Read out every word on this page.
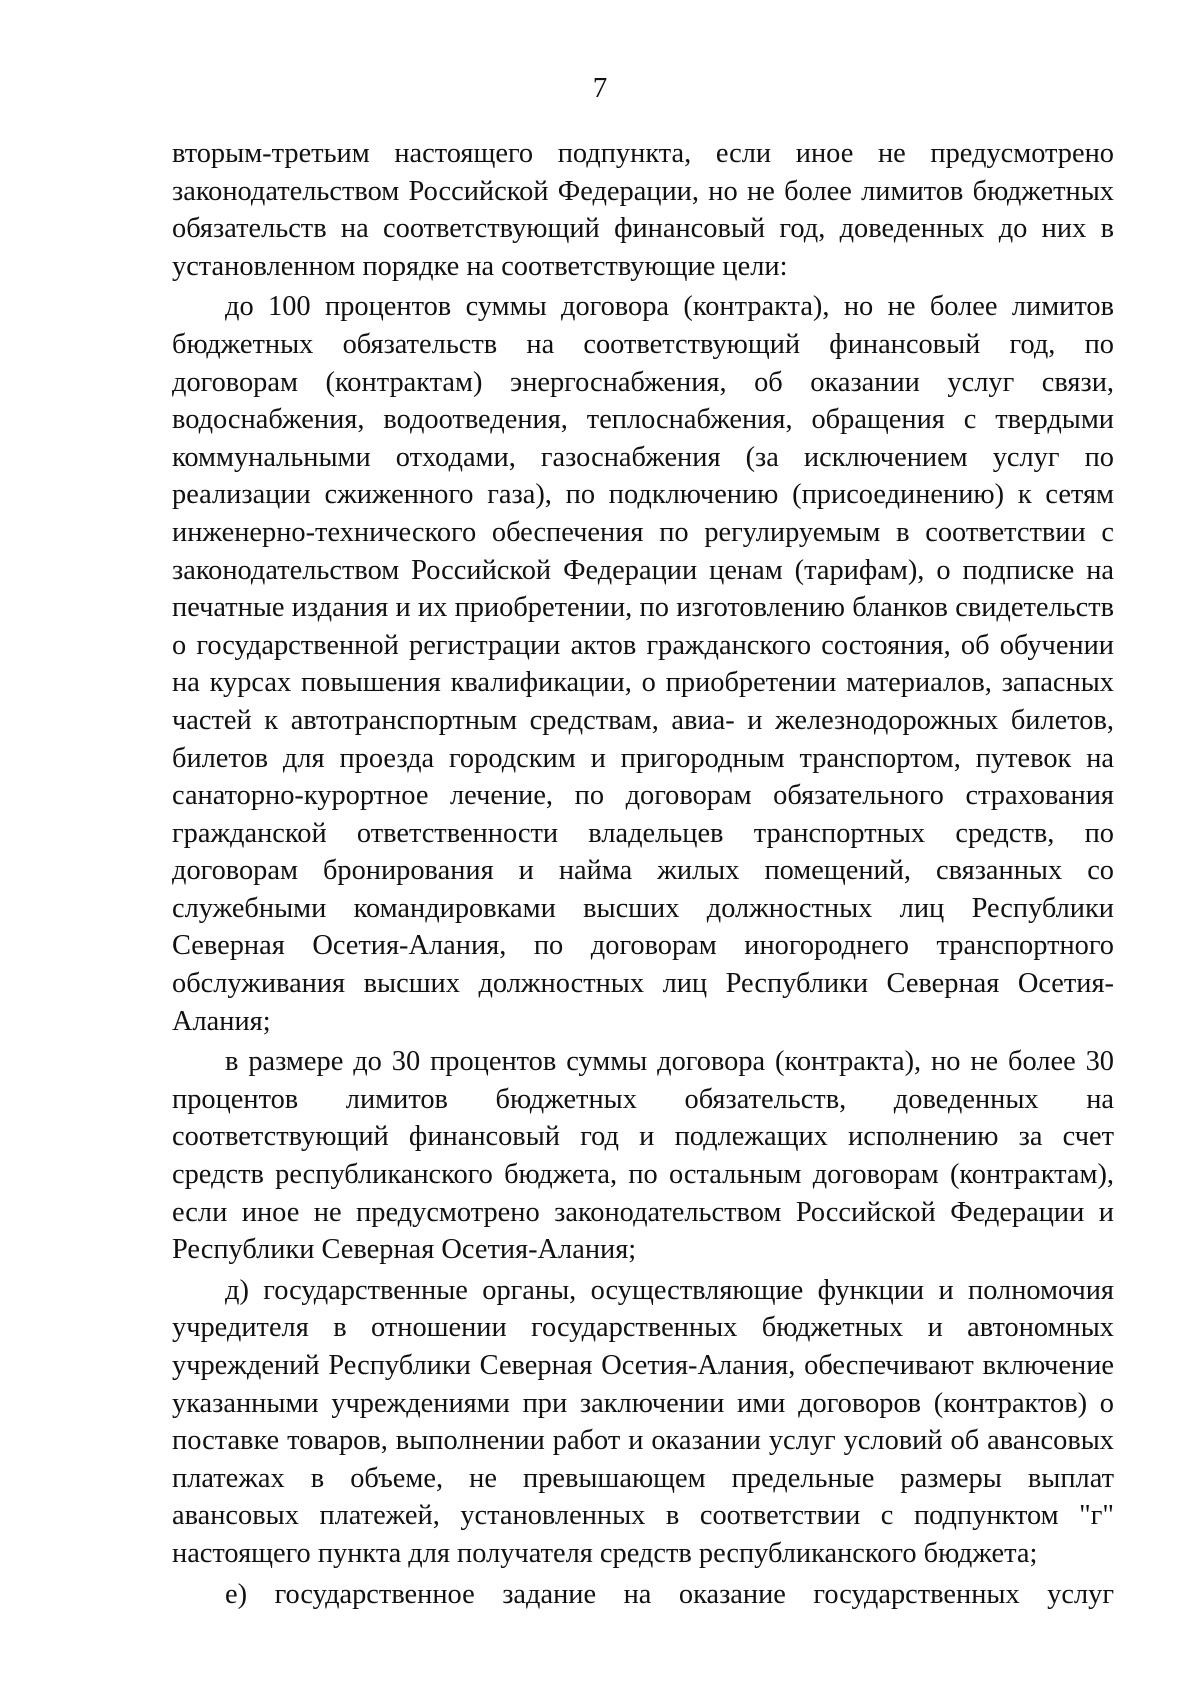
7

вторым-третьим настоящего подпункта, если иное не предусмотрено законодательством Российской Федерации, но не более лимитов бюджетных обязательств на соответствующий финансовый год, доведенных до них в установленном порядке на соответствующие цели:

до 100 процентов суммы договора (контракта), но не более лимитов бюджетных обязательств на соответствующий финансовый год, по договорам (контрактам) энергоснабжения, об оказании услуг связи, водоснабжения, водоотведения, теплоснабжения, обращения с твердыми коммунальными отходами, газоснабжения (за исключением услуг по реализации сжиженного газа), по подключению (присоединению) к сетям инженерно-технического обеспечения по регулируемым в соответствии с законодательством Российской Федерации ценам (тарифам), о подписке на печатные издания и их приобретении, по изготовлению бланков свидетельств о государственной регистрации актов гражданского состояния, об обучении на курсах повышения квалификации, о приобретении материалов, запасных частей к автотранспортным средствам, авиа- и железнодорожных билетов, билетов для проезда городским и пригородным транспортом, путевок на санаторно-курортное лечение, по договорам обязательного страхования гражданской ответственности владельцев транспортных средств, по договорам бронирования и найма жилых помещений, связанных со служебными командировками высших должностных лиц Республики Северная Осетия-Алания, по договорам иногороднего транспортного обслуживания высших должностных лиц Республики Северная Осетия-Алания;

в размере до 30 процентов суммы договора (контракта), но не более 30 процентов лимитов бюджетных обязательств, доведенных на соответствующий финансовый год и подлежащих исполнению за счет средств республиканского бюджета, по остальным договорам (контрактам), если иное не предусмотрено законодательством Российской Федерации и Республики Северная Осетия-Алания;

д) государственные органы, осуществляющие функции и полномочия учредителя в отношении государственных бюджетных и автономных учреждений Республики Северная Осетия-Алания, обеспечивают включение указанными учреждениями при заключении ими договоров (контрактов) о поставке товаров, выполнении работ и оказании услуг условий об авансовых платежах в объеме, не превышающем предельные размеры выплат авансовых платежей, установленных в соответствии с подпунктом "г" настоящего пункта для получателя средств республиканского бюджета;

е) государственное задание на оказание государственных услуг
